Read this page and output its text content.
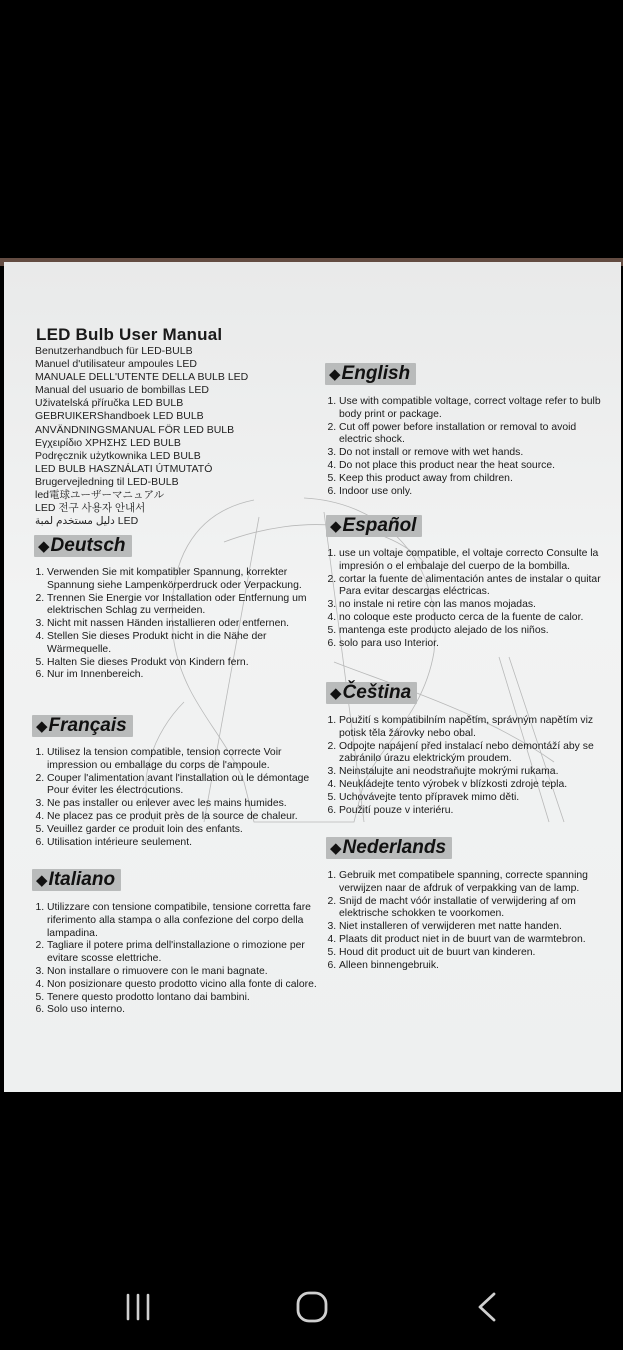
LED Bulb User Manual
Benutzerhandbuch für LED-BULB
Manuel d'utilisateur ampoules LED
MANUALE DELL'UTENTE DELLA BULB LED
Manual del usuario de bombillas LED
Uživatelská příručka LED BULB
GEBRUIKERShandboek LED BULB
ANVÄNDNINGSMANUAL FÖR LED BULB
Εγχειρίδιο ΧΡΗΣΗΣ LED BULB
Podręcznik użytkownika LED BULB
LED BULB HASZNÁLATI ÚTMUTATÓ
Brugervejledning til LED-BULB
led電球ユーザーマニュアル
LED 전구 사용자 안내서
دليل مستخدم لمبة LED
◆Deutsch
1. Verwenden Sie mit kompatibler Spannung, korrekter Spannung siehe Lampenkörperdruck oder Verpackung.
2. Trennen Sie Energie vor Installation oder Entfernung um elektrischen Schlag zu vermeiden.
3. Nicht mit nassen Händen installieren oder entfernen.
4. Stellen Sie dieses Produkt nicht in die Nähe der Wärmequelle.
5. Halten Sie dieses Produkt von Kindern fern.
6. Nur im Innenbereich.
◆Français
1. Utilisez la tension compatible, tension correcte Voir impression ou emballage du corps de l'ampoule.
2. Couper l'alimentation avant l'installation ou le démontage Pour éviter les électrocutions.
3. Ne pas installer ou enlever avec les mains humides.
4. Ne placez pas ce produit près de la source de chaleur.
5. Veuillez garder ce produit loin des enfants.
6. Utilisation intérieure seulement.
◆Italiano
1. Utilizzare con tensione compatibile, tensione corretta fare riferimento alla stampa o alla confezione del corpo della lampadina.
2. Tagliare il potere prima dell'installazione o rimozione per evitare scosse elettriche.
3. Non installare o rimuovere con le mani bagnate.
4. Non posizionare questo prodotto vicino alla fonte di calore.
5. Tenere questo prodotto lontano dai bambini.
6. Solo uso interno.
◆English
1. Use with compatible voltage, correct voltage refer to bulb body print or package.
2. Cut off power before installation or removal to avoid electric shock.
3. Do not install or remove with wet hands.
4. Do not place this product near the heat source.
5. Keep this product away from children.
6. Indoor use only.
◆Español
1. use un voltaje compatible, el voltaje correcto Consulte la impresión o el embalaje del cuerpo de la bombilla.
2. cortar la fuente de alimentación antes de instalar o quitar Para evitar descargas eléctricas.
3. no instale ni retire con las manos mojadas.
4. no coloque este producto cerca de la fuente de calor.
5. mantenga este producto alejado de los niños.
6. solo para uso Interior.
◆Čeština
1. Použití s kompatibilním napětím, správným napětím viz potisk těla žárovky nebo obal.
2. Odpojte napájení před instalací nebo demontáží aby se zabránilo úrazu elektrickým proudem.
3. Neinstalujte ani neodstraňujte mokrými rukama.
4. Neukládejte tento výrobek v blízkosti zdroje tepla.
5. Uchovávejte tento přípravek mimo děti.
6. Použití pouze v interiéru.
◆Nederlands
1. Gebruik met compatibele spanning, correcte spanning verwijzen naar de afdruk of verpakking van de lamp.
2. Snijd de macht vóór installatie of verwijdering af om elektrische schokken te voorkomen.
3. Niet installeren of verwijderen met natte handen.
4. Plaats dit product niet in de buurt van de warmtebron.
5. Houd dit product uit de buurt van kinderen.
6. Alleen binnengebruik.
